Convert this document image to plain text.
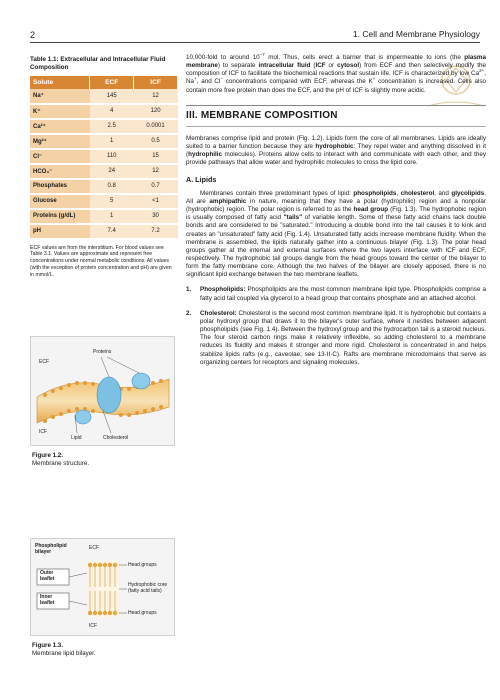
2	1. Cell and Membrane Physiology
Table 1.1: Extracellular and Intracellular Fluid Composition
Solute	ECF	ICF
Na⁺	145	12
K⁺	4	120
Ca²⁺	2.5	0.0001
Mg²⁺	1	0.5
Cl⁻	110	15
HCO₃⁻	24	12
Phosphates	0.8	0.7
Glucose	5	<1
Proteins (g/dL)	1	30
pH	7.4	7.2
ECF values are from the interstitium. For blood values see Table 3.1. Values are approximate and represent free concentrations under normal metabolic conditions. All values (with the exception of protein concentration and pH) are given in mmol/L.
Proteins
ECF
ICF
Lipid	Cholesterol
Figure 1.2.
Membrane structure.
Phospholipid bilayer
ECF
ICF
Outer leaflet
Inner leaflet
Head groups
Hydrophobic core (fatty acid tails)
Head groups
Figure 1.3.
Membrane lipid bilayer.

10,000-fold to around $10^{-7}$ mol. Thus, cells erect a barrier that is impermeable to ions (the plasma membrane) to separate intracellular fluid (ICF or cytosol) from ECF and then selectively modify the composition of ICF to facilitate the biochemical reactions that sustain life. ICF is characterized by low $Ca^{2+}$, Na+, and Cl− concentrations compared with ECF, whereas the K+ concentration is increased. Cells also contain more free protein than does the ECF, and the pH of ICF is slightly more acidic.

III. MEMBRANE COMPOSITION

Membranes comprise lipid and protein (Fig. 1.2). Lipids form the core of all membranes. Lipids are ideally suited to a barrier function because they are hydrophobic: They repel water and anything dissolved in it (hydrophilic molecules). Proteins allow cells to interact with and communicate with each other, and they provide pathways that allow water and hydrophilic molecules to cross the lipid core.

A. Lipids

Membranes contain three predominant types of lipid: phospholipids, cholesterol, and glycolipids. All are amphipathic in nature, meaning that they have a polar (hydrophilic) region and a nonpolar (hydrophobic) region. The polar region is referred to as the head group (Fig. 1.3). The hydrophobic region is usually composed of fatty acid "tails" of variable length. Some of these fatty acid chains lack double bonds and are considered to be "saturated." Introducing a double bond into the tail causes it to kink and creates an "unsaturated" fatty acid (Fig. 1.4). Unsaturated fatty acids increase membrane fluidity. When the membrane is assembled, the lipids naturally gather into a continuous bilayer (Fig. 1.3). The polar head groups gather at the internal and external surfaces where the two layers interface with ICF and ECF, respectively. The hydrophobic tail groups dangle from the head groups toward the center of the bilayer to form the fatty membrane core. Although the two halves of the bilayer are closely apposed, there is no significant lipid exchange between the two membrane leaflets.

1. Phospholipids: Phospholipids are the most common membrane lipid type. Phospholipids comprise a fatty acid tail coupled via glycerol to a head group that contains phosphate and an attached alcohol.
2. Cholesterol: Cholesterol is the second most common membrane lipid. It is hydrophobic but contains a polar hydroxyl group that draws it to the bilayer's outer surface, where it nestles between adjacent phospholipids (see Fig. 1.4). Between the hydroxyl group and the hydrocarbon tail is a steroid nucleus. The four steroid carbon rings make it relatively inflexible, so adding cholesterol to a membrane reduces its fluidity and makes it stronger and more rigid. Cholesterol is concentrated in and helps stabilize lipids rafts (e.g., caveolae; see 13·II·C). Rafts are membrane microdomains that serve as organizing centers for receptors and signaling molecules.
